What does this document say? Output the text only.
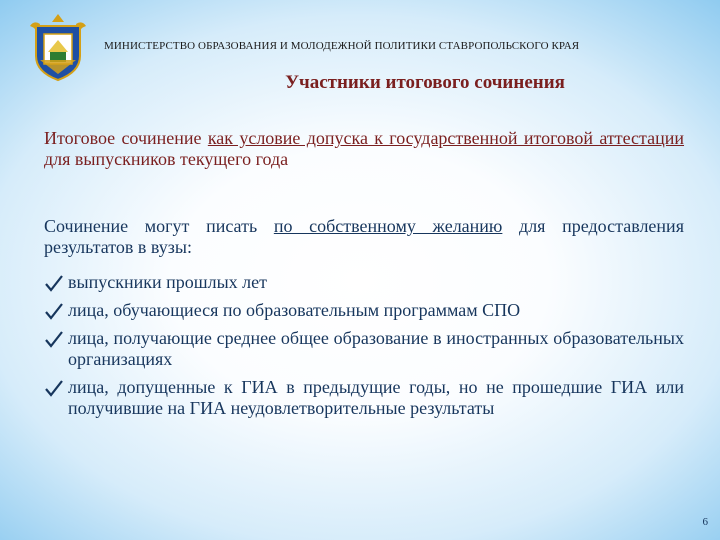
МИНИСТЕРСТВО ОБРАЗОВАНИЯ И МОЛОДЕЖНОЙ ПОЛИТИКИ СТАВРОПОЛЬСКОГО КРАЯ
Участники итогового сочинения
Итоговое сочинение как условие допуска к государственной итоговой аттестации для выпускников текущего года
Сочинение могут писать по собственному желанию для предоставления результатов в вузы:
выпускники прошлых лет
лица, обучающиеся по образовательным программам СПО
лица, получающие среднее общее образование в иностранных образовательных организациях
лица, допущенные к ГИА в предыдущие годы, но не прошедшие ГИА или получившие на ГИА неудовлетворительные результаты
6
